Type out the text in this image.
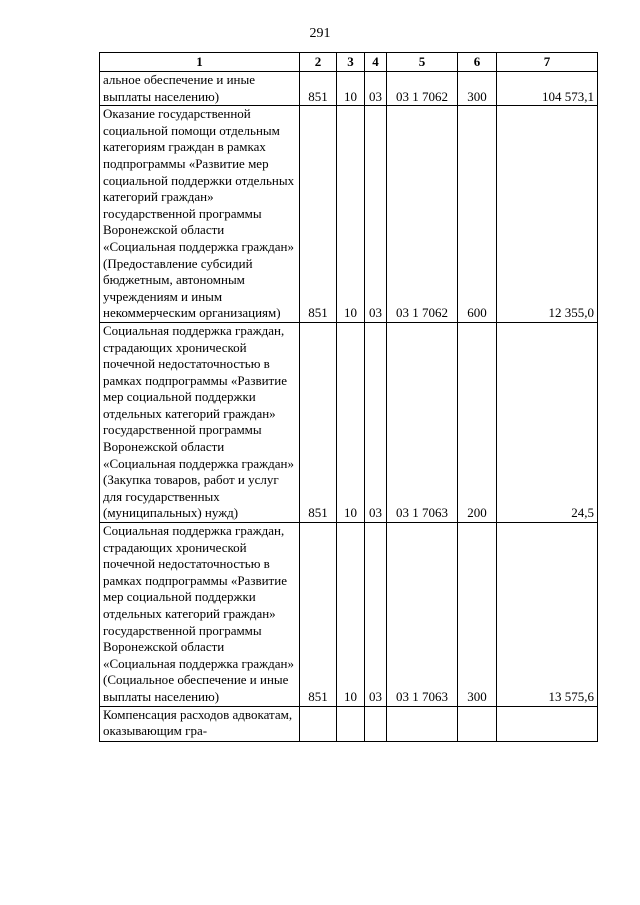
291
1	2	3	4	5	6	7
альное обеспечение и иные выплаты населению)	851	10	03	03 1 7062	300	104 573,1
Оказание государственной социальной помощи отдельным категориям граждан в рамках подпрограммы «Развитие мер социальной поддержки отдельных категорий граждан» государственной программы Воронежской области «Социальная поддержка граждан» (Предоставление субсидий бюджетным, автономным учреждениям и иным некоммерческим организациям)	851	10	03	03 1 7062	600	12 355,0
Социальная поддержка граждан, страдающих хронической почечной недостаточностью в рамках подпрограммы «Развитие мер социальной поддержки отдельных категорий граждан» государственной программы Воронежской области «Социальная поддержка граждан» (Закупка товаров, работ и услуг для государственных (муниципальных) нужд)	851	10	03	03 1 7063	200	24,5
Социальная поддержка граждан, страдающих хронической почечной недостаточностью в рамках подпрограммы «Развитие мер социальной поддержки отдельных категорий граждан» государственной программы Воронежской области «Социальная поддержка граждан» (Социальное обеспечение и иные выплаты населению)	851	10	03	03 1 7063	300	13 575,6
Компенсация расходов адвокатам, оказывающим гра-						
